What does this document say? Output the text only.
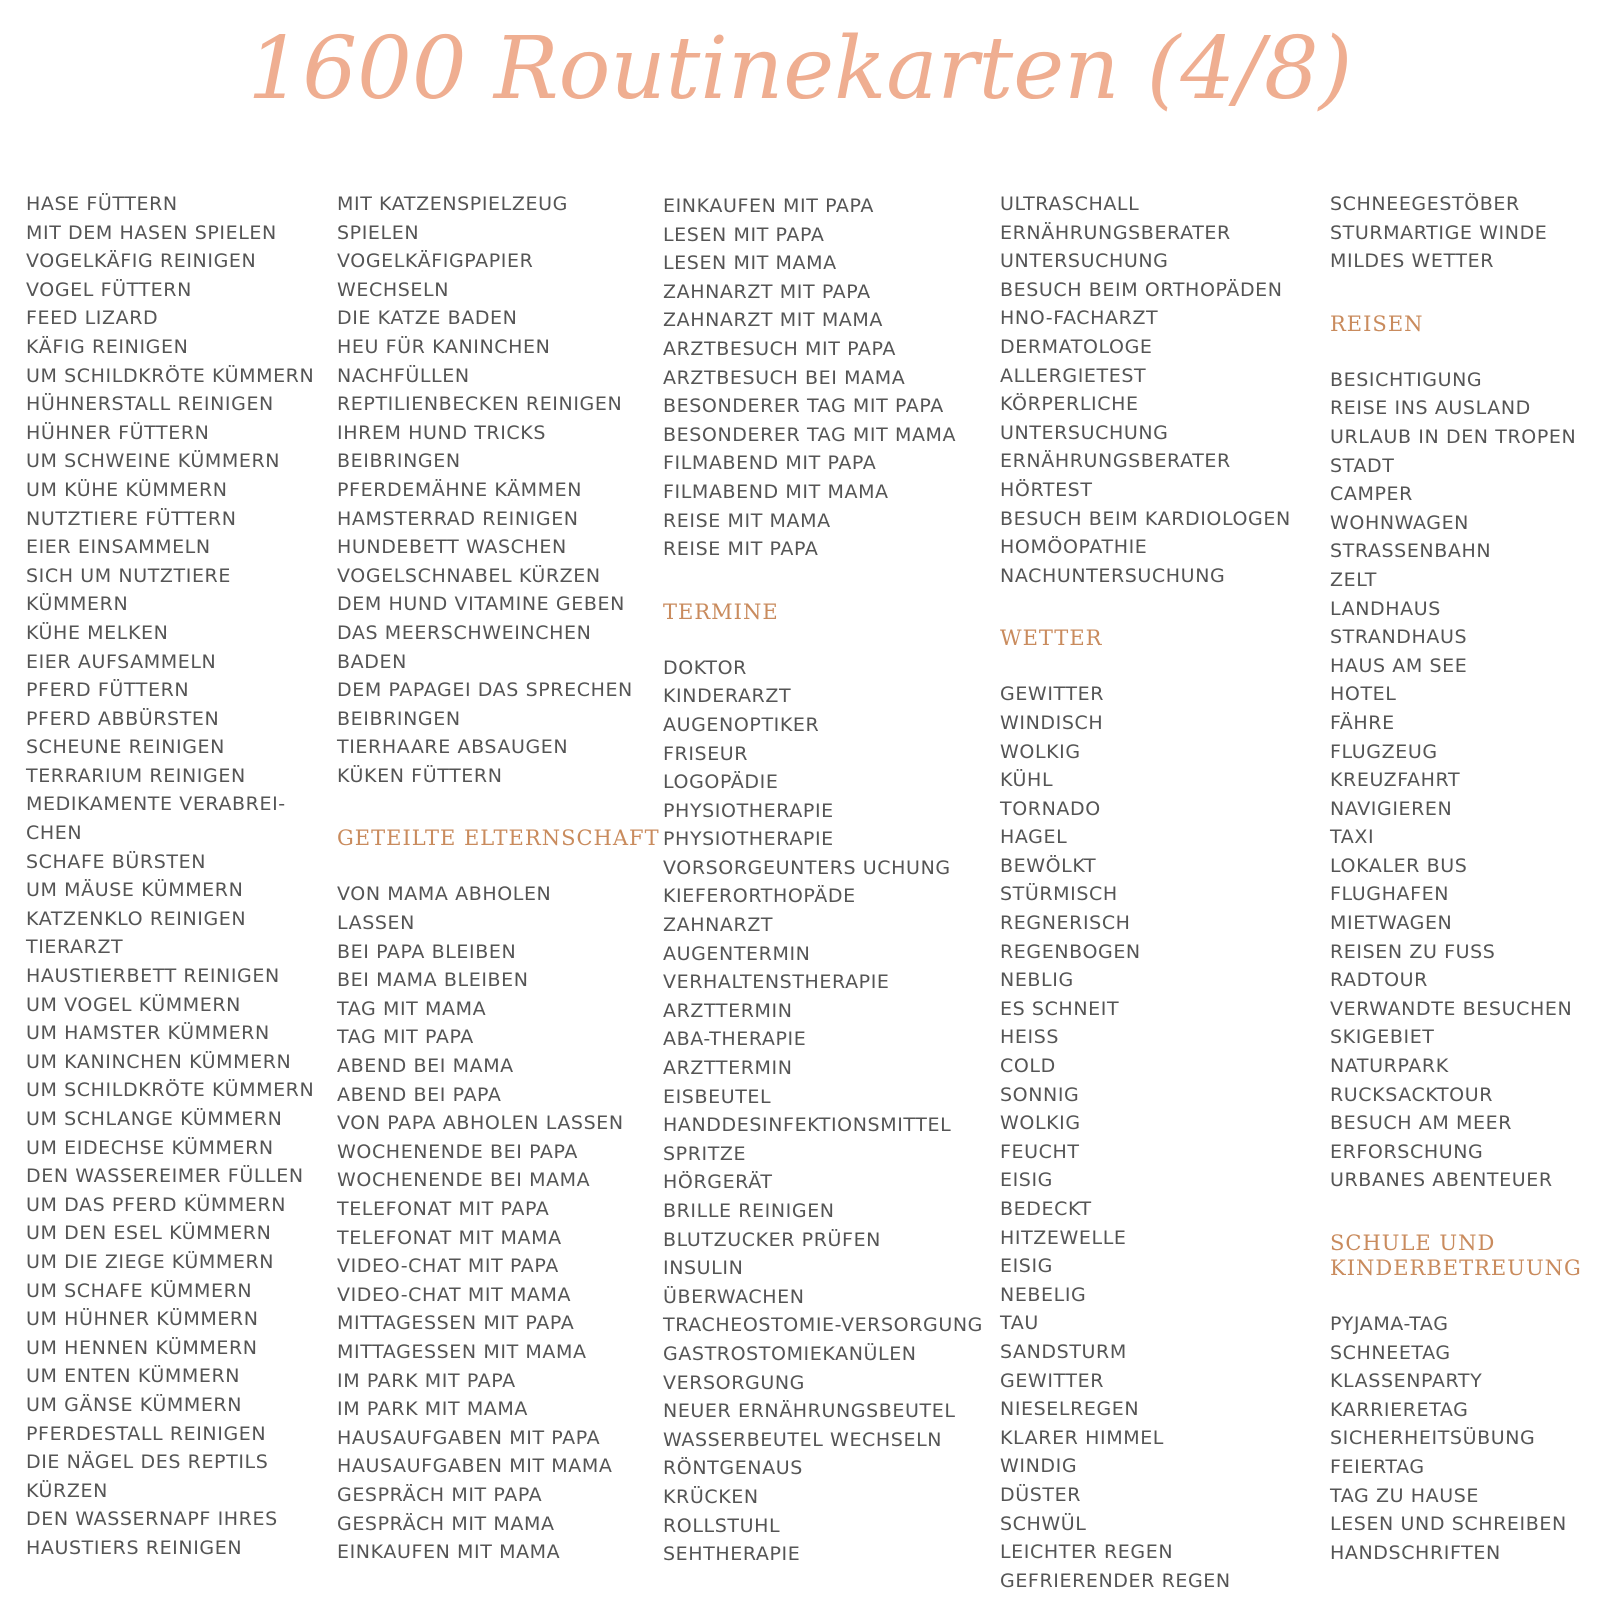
1600 Routinekarten (4/8)
HASE FÜTTERN
MIT DEM HASEN SPIELEN
VOGELKÄFIG REINIGEN
VOGEL FÜTTERN
FEED LIZARD
KÄFIG REINIGEN
UM SCHILDKRÖTE KÜMMERN
HÜHNERSTALL REINIGEN
HÜHNER FÜTTERN
UM SCHWEINE KÜMMERN
UM KÜHE KÜMMERN
NUTZTIERE FÜTTERN
EIER EINSAMMELN
SICH UM NUTZTIERE
KÜMMERN
KÜHE MELKEN
EIER AUFSAMMELN
PFERD FÜTTERN
PFERD ABBÜRSTEN
SCHEUNE REINIGEN
TERRARIUM REINIGEN
MEDIKAMENTE VERABREI-
CHEN
SCHAFE BÜRSTEN
UM MÄUSE KÜMMERN
KATZENKLO REINIGEN
TIERARZT
HAUSTIERBETT REINIGEN
UM VOGEL KÜMMERN
UM HAMSTER KÜMMERN
UM KANINCHEN KÜMMERN
UM SCHILDKRÖTE KÜMMERN
UM SCHLANGE KÜMMERN
UM EIDECHSE KÜMMERN
DEN WASSEREIMER FÜLLEN
UM DAS PFERD KÜMMERN
UM DEN ESEL KÜMMERN
UM DIE ZIEGE KÜMMERN
UM SCHAFE KÜMMERN
UM HÜHNER KÜMMERN
UM HENNEN KÜMMERN
UM ENTEN KÜMMERN
UM GÄNSE KÜMMERN
PFERDESTALL REINIGEN
DIE NÄGEL DES REPTILS
KÜRZEN
DEN WASSERNAPF IHRES
HAUSTIERS REINIGEN
MIT KATZENSPIELZEUG
SPIELEN
VOGELKÄFIGPAPIER
WECHSELN
DIE KATZE BADEN
HEU FÜR KANINCHEN
NACHFÜLLEN
REPTILIENBECKEN REINIGEN
IHREM HUND TRICKS
BEIBRINGEN
PFERDEMÄHNE KÄMMEN
HAMSTERRAD REINIGEN
HUNDEBETT WASCHEN
VOGELSCHNABEL KÜRZEN
DEM HUND VITAMINE GEBEN
DAS MEERSCHWEINCHEN
BADEN
DEM PAPAGEI DAS SPRECHEN
BEIBRINGEN
TIERHAARE ABSAUGEN
KÜKEN FÜTTERN
GETEILTE ELTERNSCHAFT
VON MAMA ABHOLEN
LASSEN
BEI PAPA BLEIBEN
BEI MAMA BLEIBEN
TAG MIT MAMA
TAG MIT PAPA
ABEND BEI MAMA
ABEND BEI PAPA
VON PAPA ABHOLEN LASSEN
WOCHENENDE BEI PAPA
WOCHENENDE BEI MAMA
TELEFONAT MIT PAPA
TELEFONAT MIT MAMA
VIDEO-CHAT MIT PAPA
VIDEO-CHAT MIT MAMA
MITTAGESSEN MIT PAPA
MITTAGESSEN MIT MAMA
IM PARK MIT PAPA
IM PARK MIT MAMA
HAUSAUFGABEN MIT PAPA
HAUSAUFGABEN MIT MAMA
GESPRÄCH MIT PAPA
GESPRÄCH MIT MAMA
EINKAUFEN MIT MAMA
EINKAUFEN MIT PAPA
LESEN MIT PAPA
LESEN MIT MAMA
ZAHNARZT MIT PAPA
ZAHNARZT MIT MAMA
ARZTBESUCH MIT PAPA
ARZTBESUCH BEI MAMA
BESONDERER TAG MIT PAPA
BESONDERER TAG MIT MAMA
FILMABEND MIT PAPA
FILMABEND MIT MAMA
REISE MIT MAMA
REISE MIT PAPA
TERMINE
DOKTOR
KINDERARZT
AUGENOPTIKER
FRISEUR
LOGOPÄDIE
PHYSIOTHERAPIE
PHYSIOTHERAPIE
VORSORGEUNTERS UCHUNG
KIEFERORTHOPÄDE
ZAHNARZT
AUGENTERMIN
VERHALTENSTHERAPIE
ARZTTERMIN
ABA-THERAPIE
ARZTTERMIN
EISBEUTEL
HANDDESINFEKTIONSMITTEL
SPRITZE
HÖRGERÄT
BRILLE REINIGEN
BLUTZUCKER PRÜFEN
INSULIN
ÜBERWACHEN
TRACHEOSTOMIE-VERSORGUNG
GASTROSTOMIEKANÜLEN
VERSORGUNG
NEUER ERNÄHRUNGSBEUTEL
WASSERBEUTEL WECHSELN
RÖNTGENAUS
KRÜCKEN
ROLLSTUHL
SEHTHERAPIE
ULTRASCHALL
ERNÄHRUNGSBERATER
UNTERSUCHUNG
BESUCH BEIM ORTHOPÄDEN
HNO-FACHARZT
DERMATOLOGE
ALLERGIETEST
KÖRPERLICHE
UNTERSUCHUNG
ERNÄHRUNGSBERATER
HÖRTEST
BESUCH BEIM KARDIOLOGEN
HOMÖOPATHIE
NACHUNTERSUCHUNG
WETTER
GEWITTER
WINDISCH
WOLKIG
KÜHL
TORNADO
HAGEL
BEWÖLKT
STÜRMISCH
REGNERISCH
REGENBOGEN
NEBLIG
ES SCHNEIT
HEISS
COLD
SONNIG
WOLKIG
FEUCHT
EISIG
BEDECKT
HITZEWELLE
EISIG
NEBELIG
TAU
SANDSTURM
GEWITTER
NIESELREGEN
KLARER HIMMEL
WINDIG
DÜSTER
SCHWÜL
LEICHTER REGEN
GEFRIERENDER REGEN
SCHNEEGESTÖBER
STURMARTIGE WINDE
MILDES WETTER
REISEN
BESICHTIGUNG
REISE INS AUSLAND
URLAUB IN DEN TROPEN
STADT
CAMPER
WOHNWAGEN
STRASSENBAHN
ZELT
LANDHAUS
STRANDHAUS
HAUS AM SEE
HOTEL
FÄHRE
FLUGZEUG
KREUZFAHRT
NAVIGIEREN
TAXI
LOKALER BUS
FLUGHAFEN
MIETWAGEN
REISEN ZU FUSS
RADTOUR
VERWANDTE BESUCHEN
SKIGEBIET
NATURPARK
RUCKSACKTOUR
BESUCH AM MEER
ERFORSCHUNG
URBANES ABENTEUER
SCHULE UND
KINDERBETREUUNG
PYJAMA-TAG
SCHNEETAG
KLASSENPARTY
KARRIERETAG
SICHERHEITSÜBUNG
FEIERTAG
TAG ZU HAUSE
LESEN UND SCHREIBEN
HANDSCHRIFTEN
